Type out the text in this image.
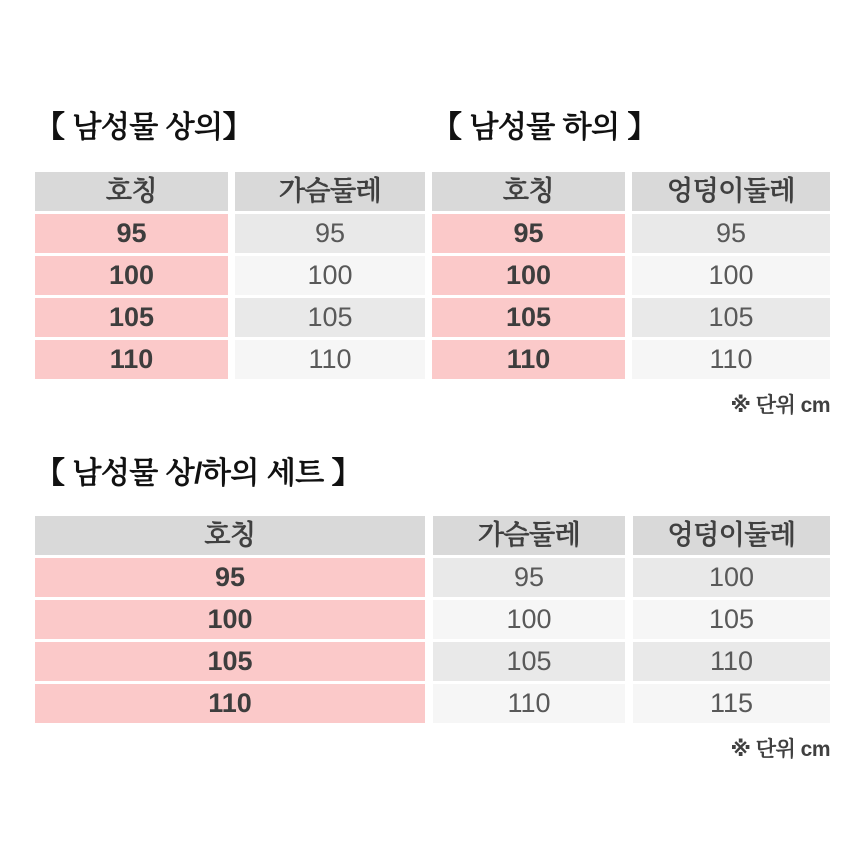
【 남성물 상의】
호칭	가슴둘레
95	95
100	100
105	105
110	110
【 남성물 하의 】
호칭	엉덩이둘레
95	95
100	100
105	105
110	110
※ 단위 cm
【 남성물 상/하의 세트 】
호칭	가슴둘레	엉덩이둘레
95	95	100
100	100	105
105	105	110
110	110	115
※ 단위 cm
